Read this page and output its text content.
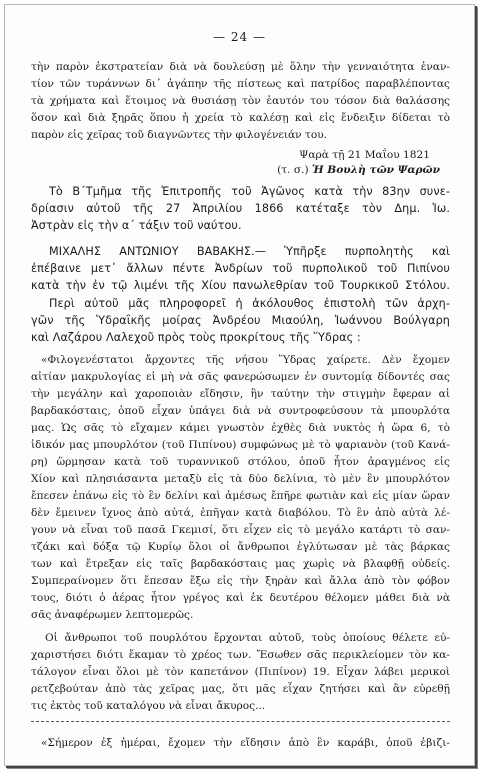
— 24 —
τὴν παρὸν ἐκστρατείαν διὰ νὰ δουλεύσῃ μὲ ὅλην τὴν γενναιότητα ἐναν-
τίον τῶν τυράννων δι᾿ ἀγάπην τῆς πίστεως καὶ πατρίδος παραβλέποντας
τὰ χρήματα καὶ ἕτοιμος νὰ θυσιάσῃ τὸν ἑαυτόν του τόσον διὰ θαλάσσης
ὅσον καὶ διὰ ξηρᾶς ὅπου ἡ χρεία τὸ καλέσῃ καὶ εἰς ἔνδειξιν δίδεται τὸ
παρὸν εἰς χεῖρας τοῦ διαγνῶντες τὴν φιλογένειάν του.
Ψαρὰ τῇ 21 Μαΐου 1821
(τ. σ.) Ἡ Βουλὴ τῶν Ψαρῶν
Τὸ Β΄Τμῆμα τῆς Ἐπιτροπῆς τοῦ Ἀγῶνος κατὰ τὴν 83ην συνε-
δρίασιν αὐτοῦ τῆς 27 Ἀπριλίου 1866 κατέταξε τὸν Δημ. Ἰω.
Ἀστρὰν εἰς τὴν α΄ τάξιν τοῦ ναύτου.
ΜΙΧΑΛΗΣ ΑΝΤΩΝΙΟΥ ΒΑΒΑΚΗΣ.— Ὑπῆρξε πυρπολητὴς καὶ
ἐπέβαινε μετ᾿ ἄλλων πέντε Ἀνδρίων τοῦ πυρπολικοῦ τοῦ Πιπίνου
κατὰ τὴν ἐν τῷ λιμένι τῆς Χίου πανωλεθρίαν τοῦ Τουρκικοῦ Στόλου.
Περὶ αὐτοῦ μᾶς πληροφορεῖ ἡ ἀκόλουθος ἐπιστολὴ τῶν ἀρχη-
γῶν τῆς Ὑδραΐκῆς μοίρας Ἀνδρέου Μιαούλη, Ἰωάννου Βούλγαρη
καὶ Λαζάρου Λαλεχοῦ πρὸς τοὺς προκρίτους τῆς Ὕδρας :
«Φιλογενέστατοι ἄρχοντες τῆς νήσου Ὕδρας χαίρετε. Δὲν ἔχομεν
αἰτίαν μακρυλογίας εἰ μὴ νὰ σᾶς φανερώσωμεν ἐν συντομίᾳ δίδοντές σας
τὴν μεγάλην καὶ χαροποιὰν εἴδησιν, ἣν ταύτην τὴν στιγμὴν ἔφεραν αἱ
βαρδακόσταις, ὁποῦ εἶχαν ὑπάγει διὰ νὰ συντροφεύσουν τὰ μπουρλότα
μας. Ὡς σᾶς τὸ εἴχαμεν κάμει γνωστὸν ἐχθὲς διὰ νυκτὸς ἡ ὥρα 6, τὸ
ἰδικόν μας μπουρλότον (τοῦ Πιπίνου) συμφώνως μὲ τὸ ψαριανὸν (τοῦ Κανά-
ρη) ὥρμησαν κατὰ τοῦ τυραννικοῦ στόλου, ὁποῦ ἦτον ἀραγμένος εἰς
Χίον καὶ πλησιάσαντα μεταξὺ εἰς τὰ δύο δελίνια, τὸ μὲν ἓν μπουρλότον
ἔπεσεν ἐπάνω εἰς τὸ ἓν δελίνι καὶ ἀμέσως ἔπῆρε φωτιὰν καὶ εἰς μίαν ὥραν
δὲν ἔμεινεν ἴχνος ἀπὸ αὐτά, ἐπῆγαν κατὰ διαβόλου. Τὸ ἓν ἀπὸ αὐτὰ λέ-
γουν νὰ εἶναι τοῦ πασᾶ Γκεμισί, ὅτι εἶχεν εἰς τὸ μεγάλο κατάρτι τὸ σαν-
τζάκι καὶ δόξα τῷ Κυρίῳ ὅλοι οἱ ἄνθρωποι ἐγλύτωσαν μὲ τὰς βάρκας
των καὶ ἔτρεξαν εἰς ταῖς βαρδακόσταις μας χωρὶς νὰ βλαφθῇ οὐδείς.
Συμπεραίνομεν ὅτι ἔπεσαν ἔξω εἰς τὴν ξηρὰν καὶ ἄλλα ἀπὸ τὸν φόβον
τους, διότι ὁ ἀέρας ἦτον γρέγος καὶ ἐκ δευτέρου θέλομεν μάθει διὰ νὰ
σᾶς ἀναφέρωμεν λεπτομερῶς.
Οἱ ἄνθρωποι τοῦ πουρλότου ἔρχονται αὐτοῦ, τοὺς ὁποίους θέλετε εὐ-
χαριστήσει διότι ἔκαμαν τὸ χρέος των. Ἔσωθεν σᾶς περικλείομεν τὸν κα-
τάλογον εἶναι ὅλοι μὲ τὸν καπετάνον (Πιπίνον) 19. Εἶχαν λάβει μερικοὶ
ρετζεβούταν ἀπὸ τὰς χεῖρας μας, ὅτι μᾶς εἶχαν ζητήσει καὶ ἂν εὑρεθῇ
τις ἐκτὸς τοῦ καταλόγου νὰ εἶναι ἄκυρος...
«Σήμερον ἐξ ἡμέραι, ἔχομεν τὴν εἴδησιν ἀπὸ ἓν καράβι, ὁποῦ ἐβιζι-
